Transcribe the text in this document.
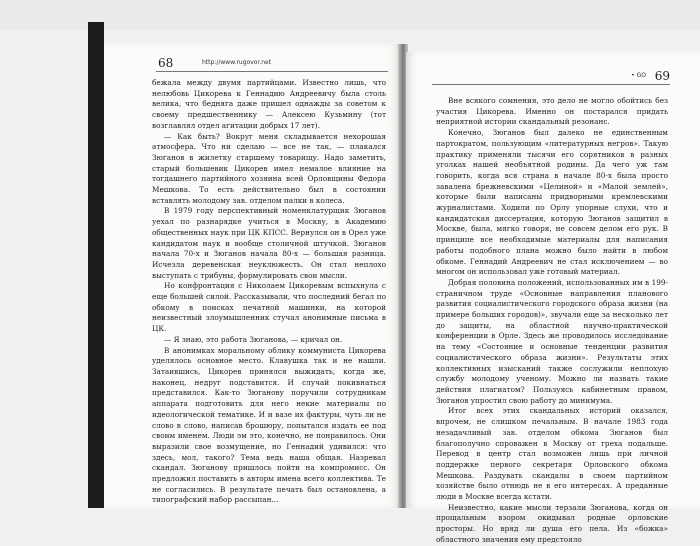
68	http://www.rugovor.net

бежала между двумя партийцами. Известно лишь, что нелюбовь Цикорева к Геннадию Андреевичу была столь велика, что бедняга даже пришел однажды за советом к своему предшественнику — Алексею Кузьмину (тот возглавлял отдел агитации добрых 17 лет).

— Как быть? Вокруг меня складывается нехорошая атмосфера. Что ни сделаю — все не так, — плакался Зюганов в жилетку старшему товарищу. Надо заметить, старый большевик Цикорев имел немалое влияние на тогдашнего партийного хозяина всей Орловщины Федора Мешкова. То есть действительно был в состоянии вставлять молодому зав. отделом палки в колеса.

В 1979 году перспективный номенклатурщик Зюганов уехал по разнарядке учиться в Москву, в Академию общественных наук при ЦК КПСС. Вернулся он в Орел уже кандидатом наук и вообще столичной штучкой. Зюганов начала 70-х и Зюганов начала 80-х — большая разница. Исчезла деревенская неуклюжесть. Он стал неплохо выступать с трибуны, формулировать свои мысли.

Но конфронтация с Николаем Цикоревым вспыхнула с еще большей силой. Рассказывали, что последний бегал по обкому в поисках печатной машинки, на которой неизвестный злоумышленник стучал анонимные письма в ЦК.

— Я знаю, это работа Зюганова, — кричал он.

В анонимках моральному облику коммуниста Цикорева уделялось основное место. Клавушка так и не нашли. Затаившись, Цикорев принялся выжидать, когда же, наконец, недруг подставится. И случай покивнаться представился. Как-то Зюганову поручили сотрудникам аппарата подготовить для него некие материалы по идеологической тематике. И и вазе их фактуры, чуть ли не слово в слово, написав брошюру, попытался издать ее под своим именем. Люди эм это, конечно, не понравилось. Они выразили свое возмущение, но Геннадий удивился: что здесь, мол, такого? Тема ведь наша общая. Назревал скандал. Зюганову пришлось пойти на компромисс. Он предложил поставить в авторы имена всего коллектива. Те не согласились. В результате печать был остановлена, а типографский набор рассыпан...

• GO 69

Вне всякого сомнения, это дело не могло обойтись без участия Цикорева. Именно он постарался придать неприятной истории скандальный резонанс.

Конечно, Зюганов был далеко не единственным партократом, пользующим «литературных негров». Такую практику применяли тысячи его сорятников в разных уголках нашей необъятной родины. Да чего уж там говорить, когда вся страна в начале 80-х была просто завалена брежневскими «Целиной» и «Малой землей», которые были написаны придворными кремлевскими журналистами. Ходили по Орлу упорные слухи, что и кандидатская диссертация, которую Зюганов защитил в Москве, была, мягко говоря, не совсем делом его рук. В принципе все необходимые материалы для написания работы подобного плана можно было найти в любом обкоме. Геннадий Андреевич не стал исключением — во многом он использовал уже готовый материал.

Добрая половина положений, использованных им в 199-страничном труде «Основные направления планового развития социалистического городского образа жизни (на примере больших городов)», звучали еще за несколько лет до защиты, на областной научно-практической конференции в Орле. Здесь же проводилось исследование на тему «Состояние и основные тенденции развития социалистического образа жизни». Результаты этих коллективных изысканий также сослужили неплохую службу молодому ученому. Можно ли назвать такие действия плагиатом? Пользуясь кабинетным правом, Зюганов упростил свою работу до минимума.

Итог всех этих скандальных историй оказался, впрочем, не слишком печальным. В начале 1983 года незадачливый зав. отделом обкома Зюганов был благополучно спроважен в Москву от греха подальше. Перевод в центр стал возможен лишь при личной поддержке первого секретаря Орловского обкома Мешкова. Раздувать скандалы в своем партийном хозяйстве было отнюдь не в его интересах. А преданные люди в Москве всегда кстати.

Неизвестно, какие мысли терзали Зюганова, когда он прощальным взором окидывал родные орловские просторы. Но вряд ли душа его пела. Из «божка» областного значения ему предстояло
